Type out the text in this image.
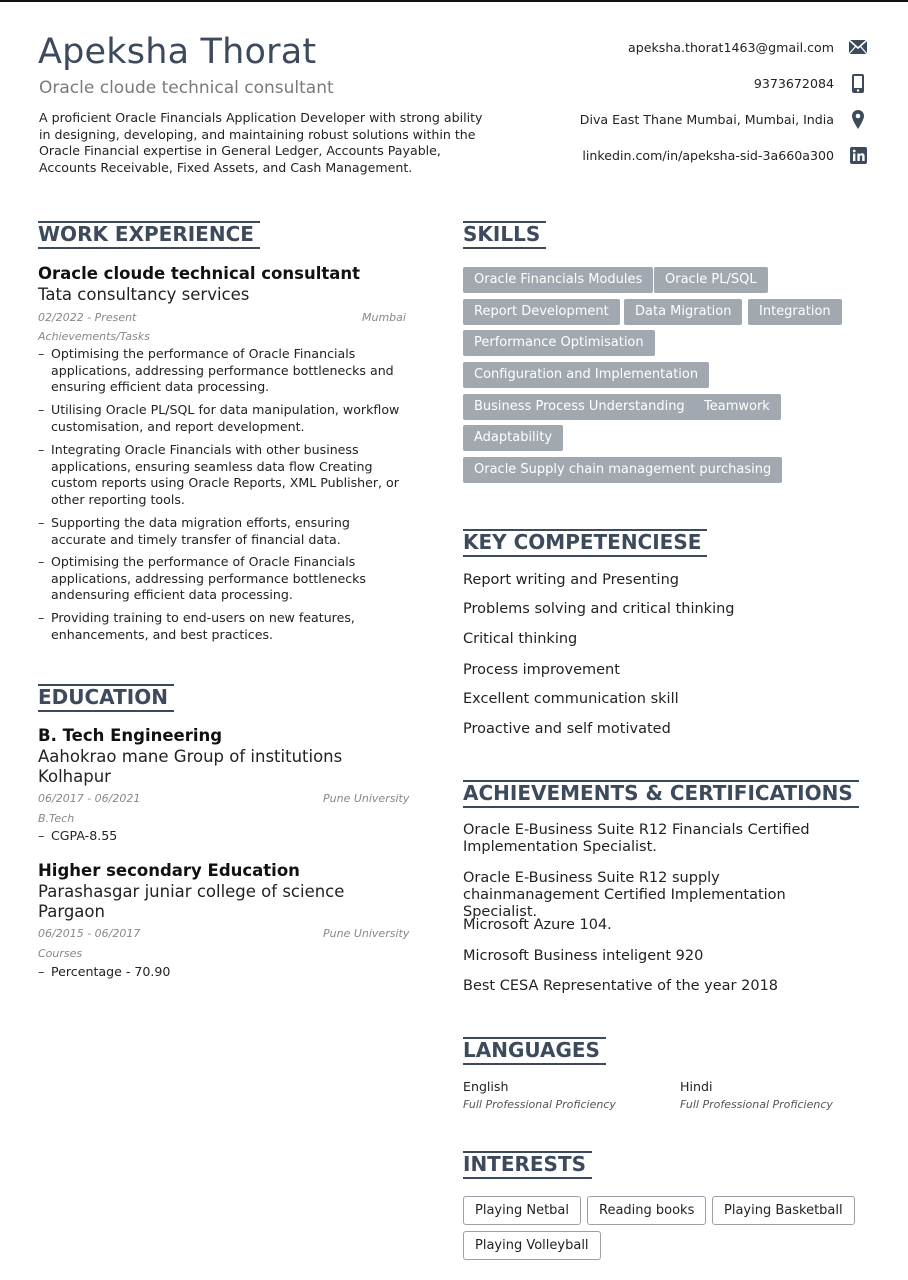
Apeksha Thorat
Oracle cloude technical consultant
A proficient Oracle Financials Application Developer with strong ability in designing, developing, and maintaining robust solutions within the Oracle Financial expertise in General Ledger, Accounts Payable, Accounts Receivable, Fixed Assets, and Cash Management.
apeksha.thorat1463@gmail.com
9373672084
Diva East Thane Mumbai, Mumbai, India
linkedin.com/in/apeksha-sid-3a660a300
WORK EXPERIENCE
Oracle cloude technical consultant
Tata consultancy services
02/2022 - Present	Mumbai
Achievements/Tasks
– Optimising the performance of Oracle Financials applications, addressing performance bottlenecks and ensuring efficient data processing.
– Utilising Oracle PL/SQL for data manipulation, workflow customisation, and report development.
– Integrating Oracle Financials with other business applications, ensuring seamless data flow Creating custom reports using Oracle Reports, XML Publisher, or other reporting tools.
– Supporting the data migration efforts, ensuring accurate and timely transfer of financial data.
– Optimising the performance of Oracle Financials applications, addressing performance bottlenecks andensuring efficient data processing.
– Providing training to end-users on new features, enhancements, and best practices.
EDUCATION
B. Tech Engineering
Aahokrao mane Group of institutions Kolhapur
06/2017 - 06/2021	Pune University
B.Tech
– CGPA-8.55
Higher secondary Education
Parashasgar juniar college of science Pargaon
06/2015 - 06/2017	Pune University
Courses
– Percentage - 70.90
SKILLS
Oracle Financials Modules	Oracle PL/SQL
Report Development	Data Migration	Integration
Performance Optimisation
Configuration and Implementation
Business Process Understanding	Teamwork
Adaptability
Oracle Supply chain management purchasing
KEY COMPETENCIESE
Report writing and Presenting
Problems solving and critical thinking
Critical thinking
Process improvement
Excellent communication skill
Proactive and self motivated
ACHIEVEMENTS & CERTIFICATIONS
Oracle E-Business Suite R12 Financials Certified Implementation Specialist.
Oracle E-Business Suite R12 supply chainmanagement Certified Implementation Specialist.
Microsoft Azure 104.
Microsoft Business inteligent 920
Best CESA Representative of the year 2018
LANGUAGES
English
Full Professional Proficiency
Hindi
Full Professional Proficiency
INTERESTS
Playing Netbal	Reading books	Playing Basketball
Playing Volleyball
